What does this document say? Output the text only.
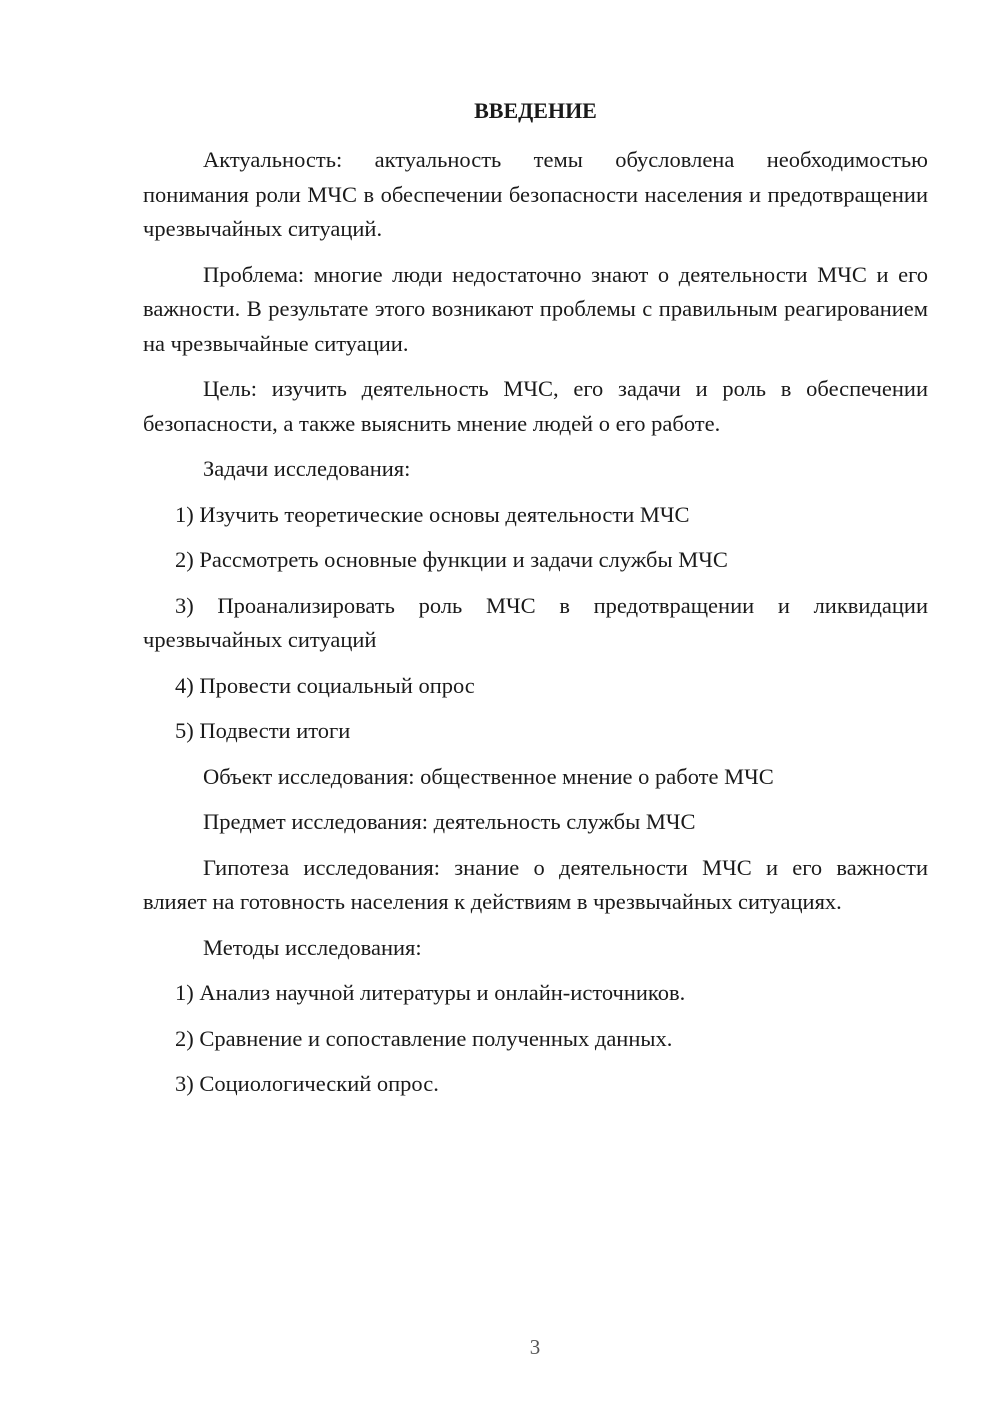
ВВЕДЕНИЕ

Актуальность: актуальность темы обусловлена необходимостью понимания роли МЧС в обеспечении безопасности населения и предотвращении чрезвычайных ситуаций.

Проблема: многие люди недостаточно знают о деятельности МЧС и его важности. В результате этого возникают проблемы с правильным реагированием на чрезвычайные ситуации.

Цель: изучить деятельность МЧС, его задачи и роль в обеспечении безопасности, а также выяснить мнение людей о его работе.

Задачи исследования:

1) Изучить теоретические основы деятельности МЧС

2) Рассмотреть основные функции и задачи службы МЧС

3) Проанализировать роль МЧС в предотвращении и ликвидации чрезвычайных ситуаций

4) Провести социальный опрос

5) Подвести итоги

Объект исследования: общественное мнение о работе МЧС

Предмет исследования: деятельность службы МЧС

Гипотеза исследования: знание о деятельности МЧС и его важности влияет на готовность населения к действиям в чрезвычайных ситуациях.

Методы исследования:

1) Анализ научной литературы и онлайн-источников.

2) Сравнение и сопоставление полученных данных.

3) Социологический опрос.

3
